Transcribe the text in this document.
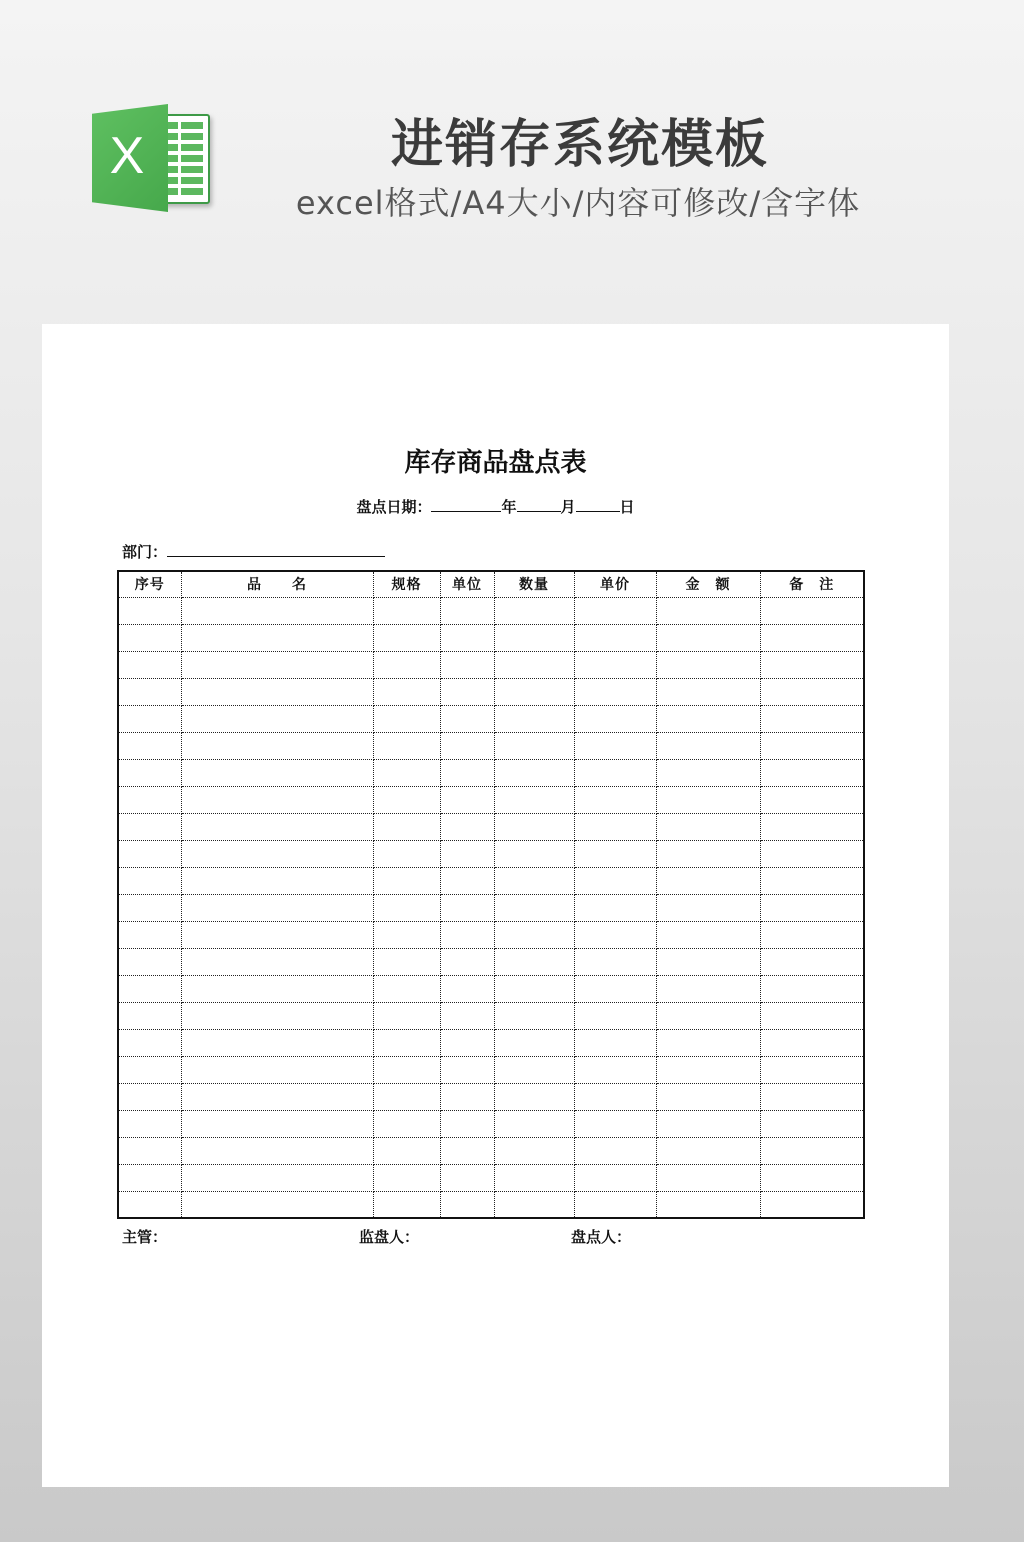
X	进销存系统模板
excel格式/A4大小/内容可修改/含字体
库存商品盘点表
盘点日期：	年	月	日
部门：
序号	品　　名	规格	单位	数量	单价	金　额	备　注

主管：	监盘人：	盘点人：
